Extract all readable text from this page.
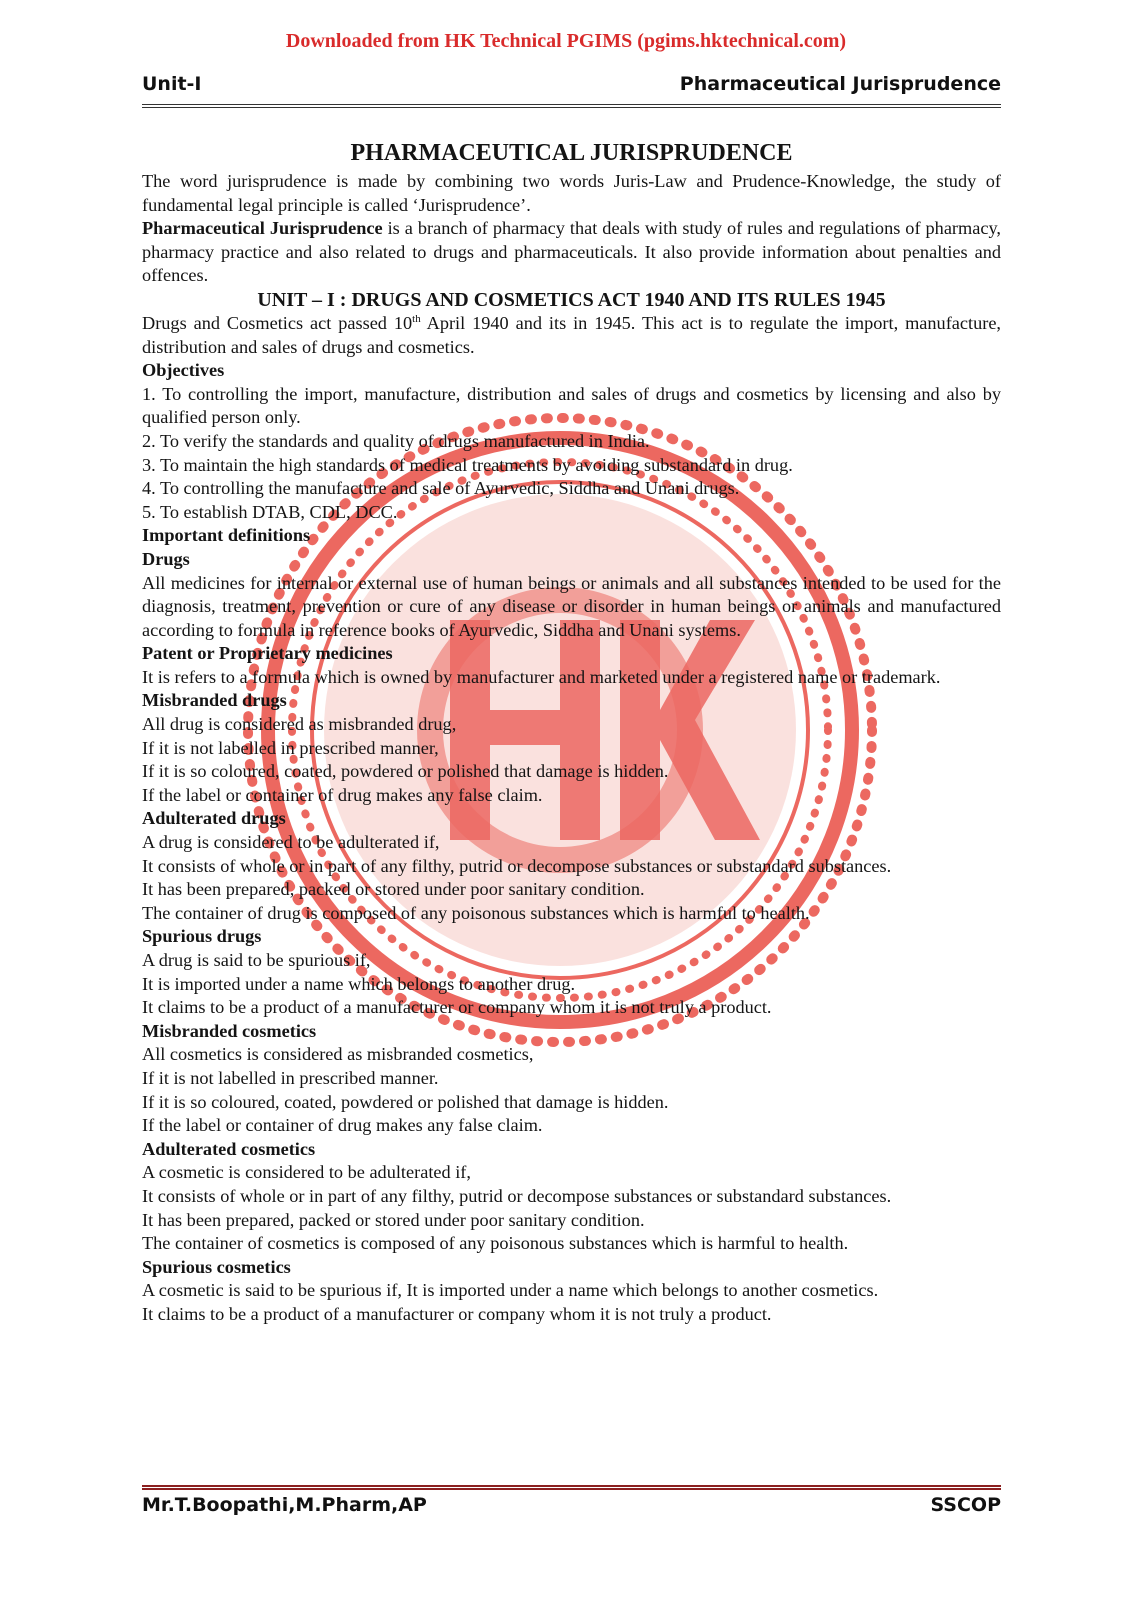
Downloaded from HK Technical PGIMS (pgims.hktechnical.com)
Unit-I	Pharmaceutical Jurisprudence
PHARMACEUTICAL JURISPRUDENCE

The word jurisprudence is made by combining two words Juris-Law and Prudence-Knowledge, the study of fundamental legal principle is called ‘Jurisprudence’.

Pharmaceutical Jurisprudence is a branch of pharmacy that deals with study of rules and regulations of pharmacy, pharmacy practice and also related to drugs and pharmaceuticals. It also provide information about penalties and offences.

UNIT – I : DRUGS AND COSMETICS ACT 1940 AND ITS RULES 1945

Drugs and Cosmetics act passed 10th April 1940 and its in 1945. This act is to regulate the import, manufacture, distribution and sales of drugs and cosmetics.

Objectives

1. To controlling the import, manufacture, distribution and sales of drugs and cosmetics by licensing and also by qualified person only.

2. To verify the standards and quality of drugs manufactured in India.

3. To maintain the high standards of medical treatments by avoiding substandard in drug.

4. To controlling the manufacture and sale of Ayurvedic, Siddha and Unani drugs.

5. To establish DTAB, CDL, DCC.

Important definitions

Drugs

All medicines for internal or external use of human beings or animals and all substances intended to be used for the diagnosis, treatment, prevention or cure of any disease or disorder in human beings or animals and manufactured according to formula in reference books of Ayurvedic, Siddha and Unani systems.

Patent or Proprietary medicines

It is refers to a formula which is owned by manufacturer and marketed under a registered name or trademark.

Misbranded drugs

All drug is considered as misbranded drug,

If it is not labelled in prescribed manner,

If it is so coloured, coated, powdered or polished that damage is hidden.

If the label or container of drug makes any false claim.

Adulterated drugs

A drug is considered to be adulterated if,

It consists of whole or in part of any filthy, putrid or decompose substances or substandard substances.

It has been prepared, packed or stored under poor sanitary condition.

The container of drug is composed of any poisonous substances which is harmful to health.

Spurious drugs

A drug is said to be spurious if,

It is imported under a name which belongs to another drug.

It claims to be a product of a manufacturer or company whom it is not truly a product.

Misbranded cosmetics

All cosmetics is considered as misbranded cosmetics,

If it is not labelled in prescribed manner.

If it is so coloured, coated, powdered or polished that damage is hidden.

If the label or container of drug makes any false claim.

Adulterated cosmetics

A cosmetic is considered to be adulterated if,

It consists of whole or in part of any filthy, putrid or decompose substances or substandard substances.

It has been prepared, packed or stored under poor sanitary condition.

The container of cosmetics is composed of any poisonous substances which is harmful to health.

Spurious cosmetics

A cosmetic is said to be spurious if, It is imported under a name which belongs to another cosmetics.

It claims to be a product of a manufacturer or company whom it is not truly a product.

Mr.T.Boopathi,M.Pharm,AP	SSCOP
